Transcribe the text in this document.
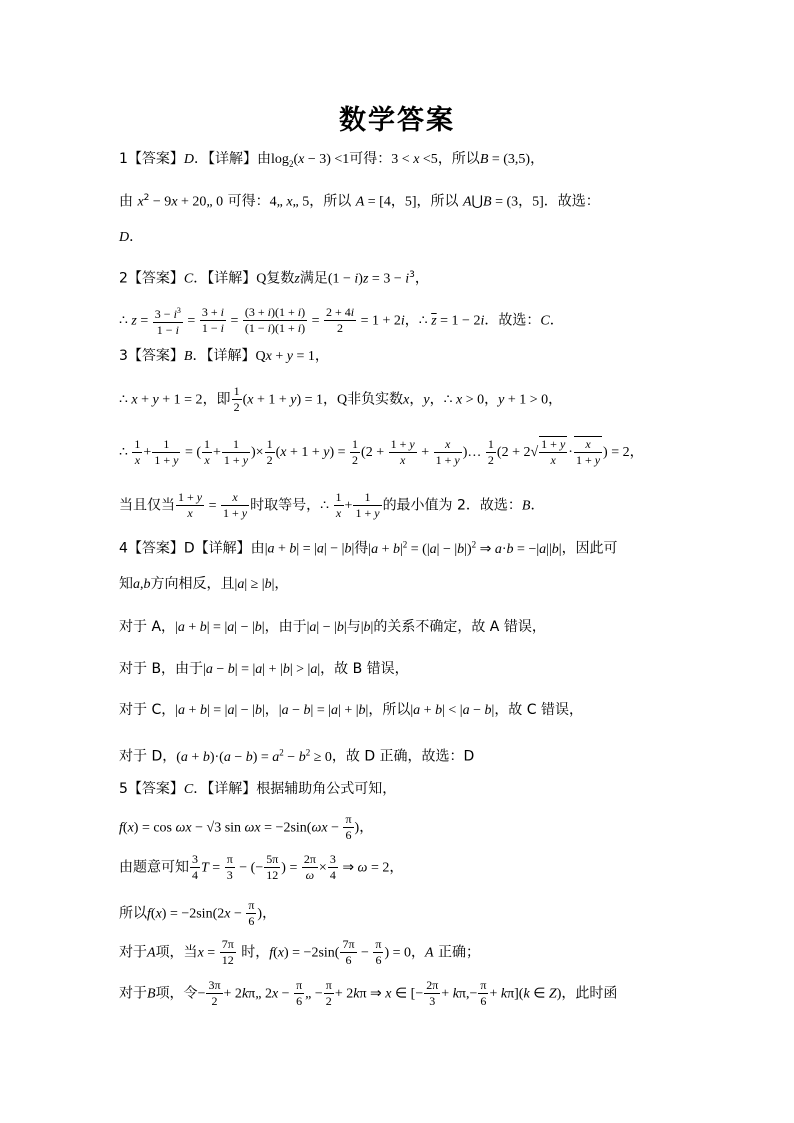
数学答案
1【答案】D．【详解】由$\log_2(x - 3) <1$可得：3 < x <5，所以B = (3,5)，
由 $x^2 - 9x$ + 20„ 0 可得：4„ x„ 5，所以 A = [4，5]，所以 A⋃B = (3，5]．故选：
D．
2【答案】C．【详解】Q复数z满足$(1 - i)z = 3 - i^3$，
∴ $z = \frac{3 - i^3}{1 - i} = \frac{3 + i}{1 - i} = \frac{(3 + i)(1 + i)}{(1 - i)(1 + i)} = \frac{2 + 4i}{2} = 1 + 2i$，∴ $\overline{z} = 1 - 2i$．故选：C．
3【答案】B．【详解】Qx + y = 1，
∴ x + y + 1 = 2，即 $\frac{1}{2} (x + 1 + y) = 1$，Q非负实数x，y，∴ x > 0，y + 1 > 0，
∴ $\frac{1}{x} + \frac{1}{1 + y}$ = ( $\frac{1}{x} + \frac{1}{1 + y}$ )× $\frac{1}{2} (x + 1 + y) = \frac{1}{2} (2 + \frac{1 + y}{x} + \frac{x}{1 + y}$ )… $\frac{1}{2} (2 + 2√ \frac{1 + y}{x} \cdot \frac{x}{1 + y}$ ) = 2，
当且仅当 $\frac{1 + y}{x} = \frac{x}{1 + y}$ 时取等号，∴ $\frac{1}{x} + \frac{1}{1 + y}$ 的最小值为 2．故选：B．
4【答案】D【详解】由|a + b| = |a| − |b|得$|a + b|^2 = (|a| - |b|)^2$ ⇒ a·b = −|a||b|，因此可
知a,b方向相反，且|a| ≥ |b|，
对于 A，|a + b| = |a| − |b|，由于|a| − |b|与|b|的关系不确定，故 A 错误，
对于 B，由于|a − b| = |a| + |b| > |a|，故 B 错误，
对于 C，|a + b| = |a| − |b|，|a − b| = |a| + |b|，所以|a + b| < |a − b|，故 C 错误，
对于 D，$(a + b)\cdot(a - b) = a^2 - b^2 \ge 0$，故 D 正确，故选：D
5【答案】C．【详解】根据辅助角公式可知，
f(x) = cos ωx − √3 $\sin \omega x = -2\sin(\omega x - \frac{\pi}{6}$ )，
由题意可知 $\frac{3}{4}$ $T = \frac{\pi}{3}$ − (− $\frac{5\pi}{12}$ ) = $\frac{2\pi}{\omega} \times \frac{3}{4}$ ⇒ ω = 2，
所以$f(x) = -2\sin(2x - \frac{\pi}{6}$ )，
对于A项，当$x = \frac{7\pi}{12}$ 时，$f(x) = -2\sin( \frac{7\pi}{6} - \frac{\pi}{6}$ ) = 0，A 正确；
对于B项，令− $\frac{3\pi}{2}$ + 2kπ„ $2x - \frac{\pi}{6}$ „ − $\frac{\pi}{2} + 2k\pi$ ⇒ x ∈ [− $\frac{2\pi}{3} + k\pi,- \frac{\pi}{6} + k\pi](k$ ∈ Z)，此时函
